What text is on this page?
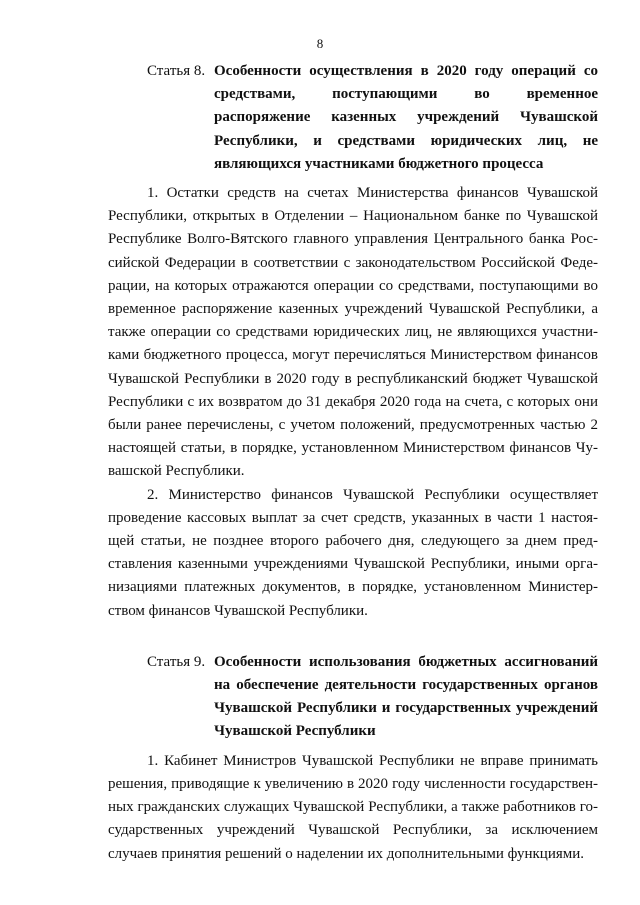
8
Статья 8. Особенности осуществления в 2020 году операций со средствами, поступающими во временное распоряжение казенных учреждений Чувашской Республики, и средствами юридических лиц, не являющихся участниками бюджетного процесса

1. Остатки средств на счетах Министерства финансов Чувашской Республики, открытых в Отделении – Национальном банке по Чувашской Республике Волго-Вятского главного управления Центрального банка Российской Федерации в соответствии с законодательством Российской Федерации, на которых отражаются операции со средствами, поступающими во временное распоряжение казенных учреждений Чувашской Республики, а также операции со средствами юридических лиц, не являющихся участниками бюджетного процесса, могут перечисляться Министерством финансов Чувашской Республики в 2020 году в республиканский бюджет Чувашской Республики с их возвратом до 31 декабря 2020 года на счета, с которых они были ранее перечислены, с учетом положений, предусмотренных частью 2 настоящей статьи, в порядке, установленном Министерством финансов Чувашской Республики.

2. Министерство финансов Чувашской Республики осуществляет проведение кассовых выплат за счет средств, указанных в части 1 настоящей статьи, не позднее второго рабочего дня, следующего за днем представления казенными учреждениями Чувашской Республики, иными организациями платежных документов, в порядке, установленном Министерством финансов Чувашской Республики.

Статья 9. Особенности использования бюджетных ассигнований на обеспечение деятельности государственных органов Чувашской Республики и государственных учреждений Чувашской Республики

1. Кабинет Министров Чувашской Республики не вправе принимать решения, приводящие к увеличению в 2020 году численности государственных гражданских служащих Чувашской Республики, а также работников государственных учреждений Чувашской Республики, за исключением случаев принятия решений о наделении их дополнительными функциями.
